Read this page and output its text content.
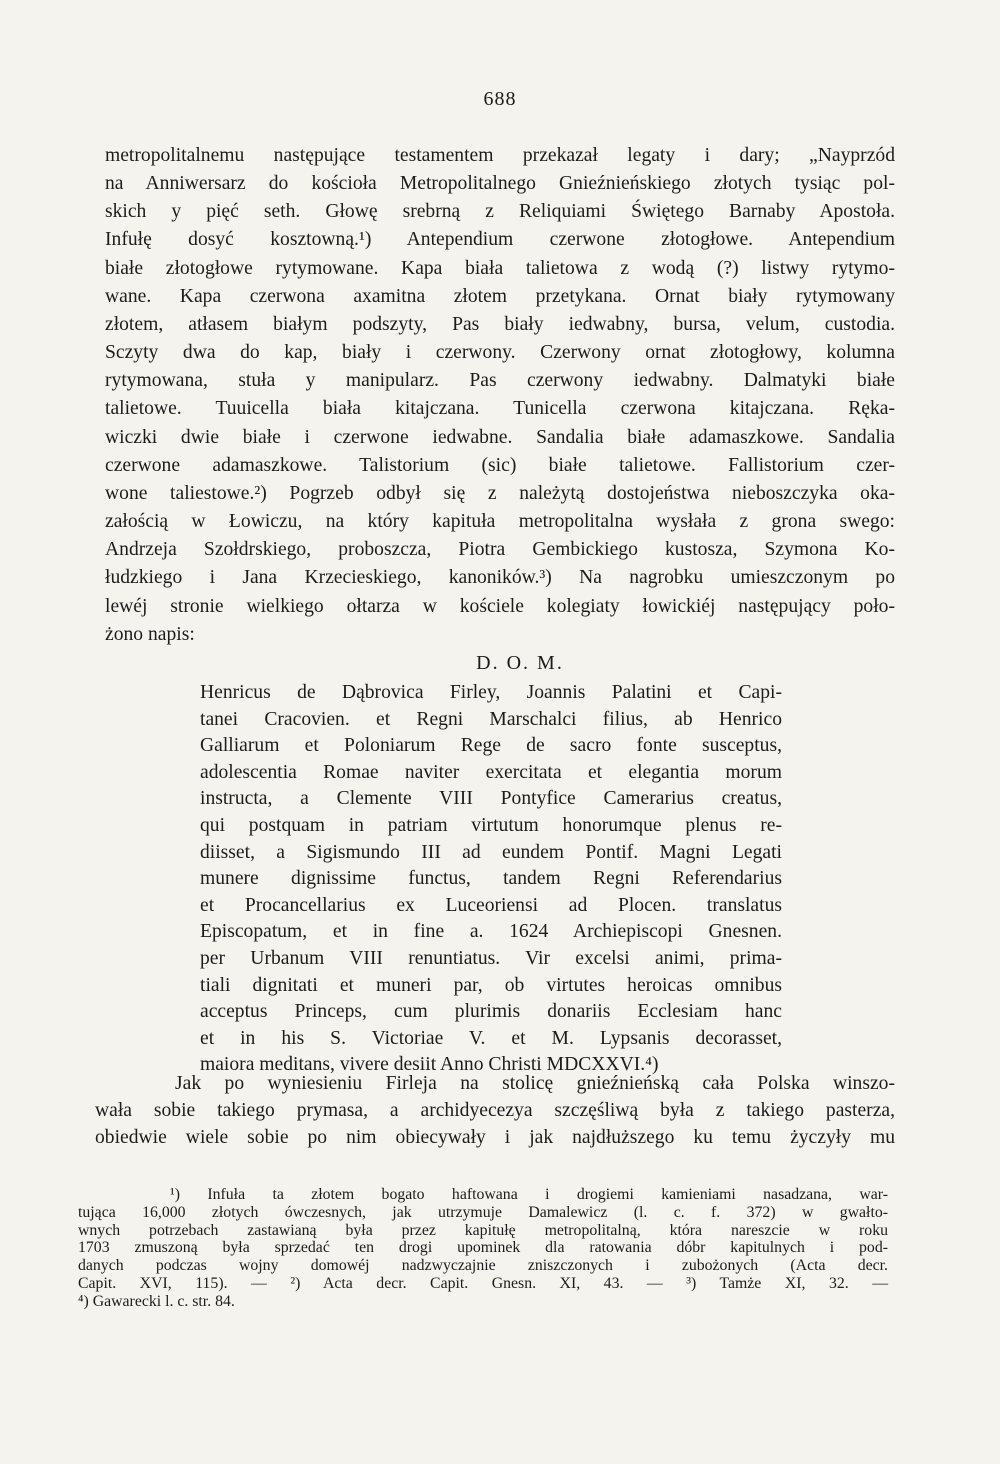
688

metropolitalnemu następujące testamentem przekazał legaty i dary; „Nayprzód
na Anniwersarz do kościoła Metropolitalnego Gnieźnieńskiego złotych tysiąc pol-
skich y pięć seth. Głowę srebrną z Reliquiami Świętego Barnaby Apostoła.
Infułę dosyć kosztowną.¹) Antependium czerwone złotogłowe. Antependium
białe złotogłowe rytymowane. Kapa biała talietowa z wodą (?) listwy rytymo-
wane. Kapa czerwona axamitna złotem przetykana. Ornat biały rytymowany
złotem, atłasem białym podszyty, Pas biały iedwabny, bursa, velum, custodia.
Sczyty dwa do kap, biały i czerwony. Czerwony ornat złotogłowy, kolumna
rytymowana, stuła y manipularz. Pas czerwony iedwabny. Dalmatyki białe
talietowe. Tuuicella biała kitajczana. Tunicella czerwona kitajczana. Ręka-
wiczki dwie białe i czerwone iedwabne. Sandalia białe adamaszkowe. Sandalia
czerwone adamaszkowe. Talistorium (sic) białe talietowe. Fallistorium czer-
wone taliestowe.²) Pogrzeb odbył się z należytą dostojeństwa nieboszczyka oka-
załością w Łowiczu, na który kapituła metropolitalna wysłała z grona swego:
Andrzeja Szołdrskiego, proboszcza, Piotra Gembickiego kustosza, Szymona Ko-
łudzkiego i Jana Krzecieskiego, kanoników.³) Na nagrobku umieszczonym po
lewéj stronie wielkiego ołtarza w kościele kolegiaty łowickiéj następujący poło-
żono napis:

D. O. M.

Henricus de Dąbrovica Firley, Joannis Palatini et Capi-
tanei Cracovien. et Regni Marschalci filius, ab Henrico
Galliarum et Poloniarum Rege de sacro fonte susceptus,
adolescentia Romae naviter exercitata et elegantia morum
instructa, a Clemente VIII Pontyfice Camerarius creatus,
qui postquam in patriam virtutum honorumque plenus re-
diisset, a Sigismundo III ad eundem Pontif. Magni Legati
munere dignissime functus, tandem Regni Referendarius
et Procancellarius ex Luceoriensi ad Plocen. translatus
Episcopatum, et in fine a. 1624 Archiepiscopi Gnesnen.
per Urbanum VIII renuntiatus. Vir excelsi animi, prima-
tiali dignitati et muneri par, ob virtutes heroicas omnibus
acceptus Princeps, cum plurimis donariis Ecclesiam hanc
et in his S. Victoriae V. et M. Lypsanis decorasset,
maiora meditans, vivere desiit Anno Christi MDCXXVI.⁴)

Jak po wyniesieniu Firleja na stolicę gnieźnieńską cała Polska winszo-
wała sobie takiego prymasa, a archidyecezya szczęśliwą była z takiego pasterza,
obiedwie wiele sobie po nim obiecywały i jak najdłuższego ku temu życzyły mu

¹) Infuła ta złotem bogato haftowana i drogiemi kamieniami nasadzana, war-
tująca 16,000 złotych ówczesnych, jak utrzymuje Damalewicz (l. c. f. 372) w gwałto-
wnych potrzebach zastawianą była przez kapitułę metropolitalną, która nareszcie w roku
1703 zmuszoną była sprzedać ten drogi upominek dla ratowania dóbr kapitulnych i pod-
danych podczas wojny domowéj nadzwyczajnie zniszczonych i zubożonych (Acta decr.
Capit. XVI, 115). — ²) Acta decr. Capit. Gnesn. XI, 43. — ³) Tamże XI, 32. —
⁴) Gawarecki l. c. str. 84.
